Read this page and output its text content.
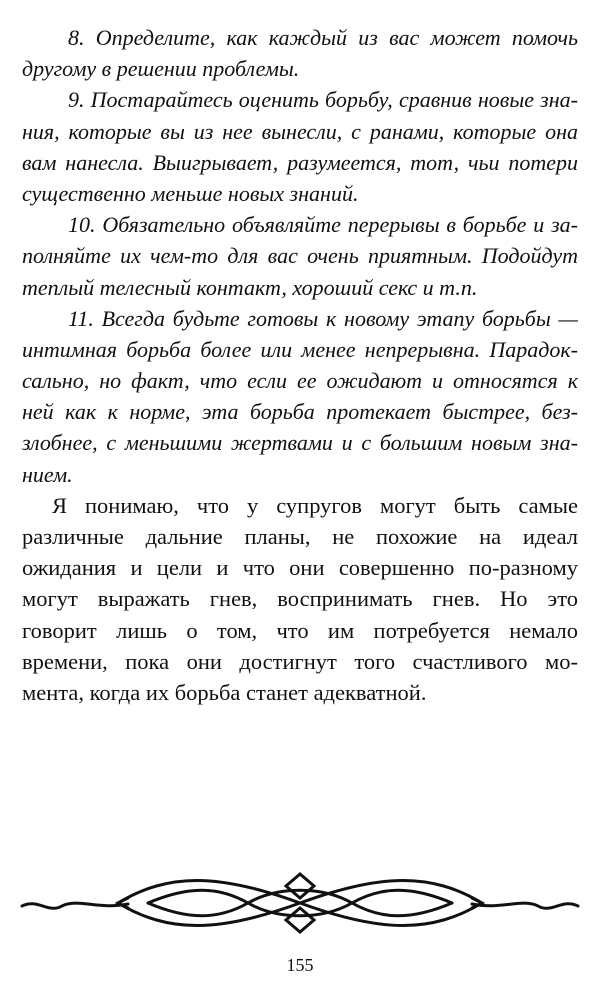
8. Определите, как каждый из вас может помочь
другому в решении проблемы.
9. Постарайтесь оценить борьбу, сравнив новые зна-
ния, которые вы из нее вынесли, с ранами, которые она
вам нанесла. Выигрывает, разумеется, тот, чьи потери
существенно меньше новых знаний.
10. Обязательно объявляйте перерывы в борьбе и за-
полняйте их чем-то для вас очень приятным. Подойдут
теплый телесный контакт, хороший секс и т.п.
11. Всегда будьте готовы к новому этапу борьбы —
интимная борьба более или менее непрерывна. Парадок-
сально, но факт, что если ее ожидают и относятся к
ней как к норме, эта борьба протекает быстрее, без-
злобнее, с меньшими жертвами и с большим новым зна-
нием.
Я понимаю, что у супругов могут быть самые
различные дальние планы, не похожие на идеал
ожидания и цели и что они совершенно по-разному
могут выражать гнев, воспринимать гнев. Но это
говорит лишь о том, что им потребуется немало
времени, пока они достигнут того счастливого мо-
мента, когда их борьба станет адекватной.
155
